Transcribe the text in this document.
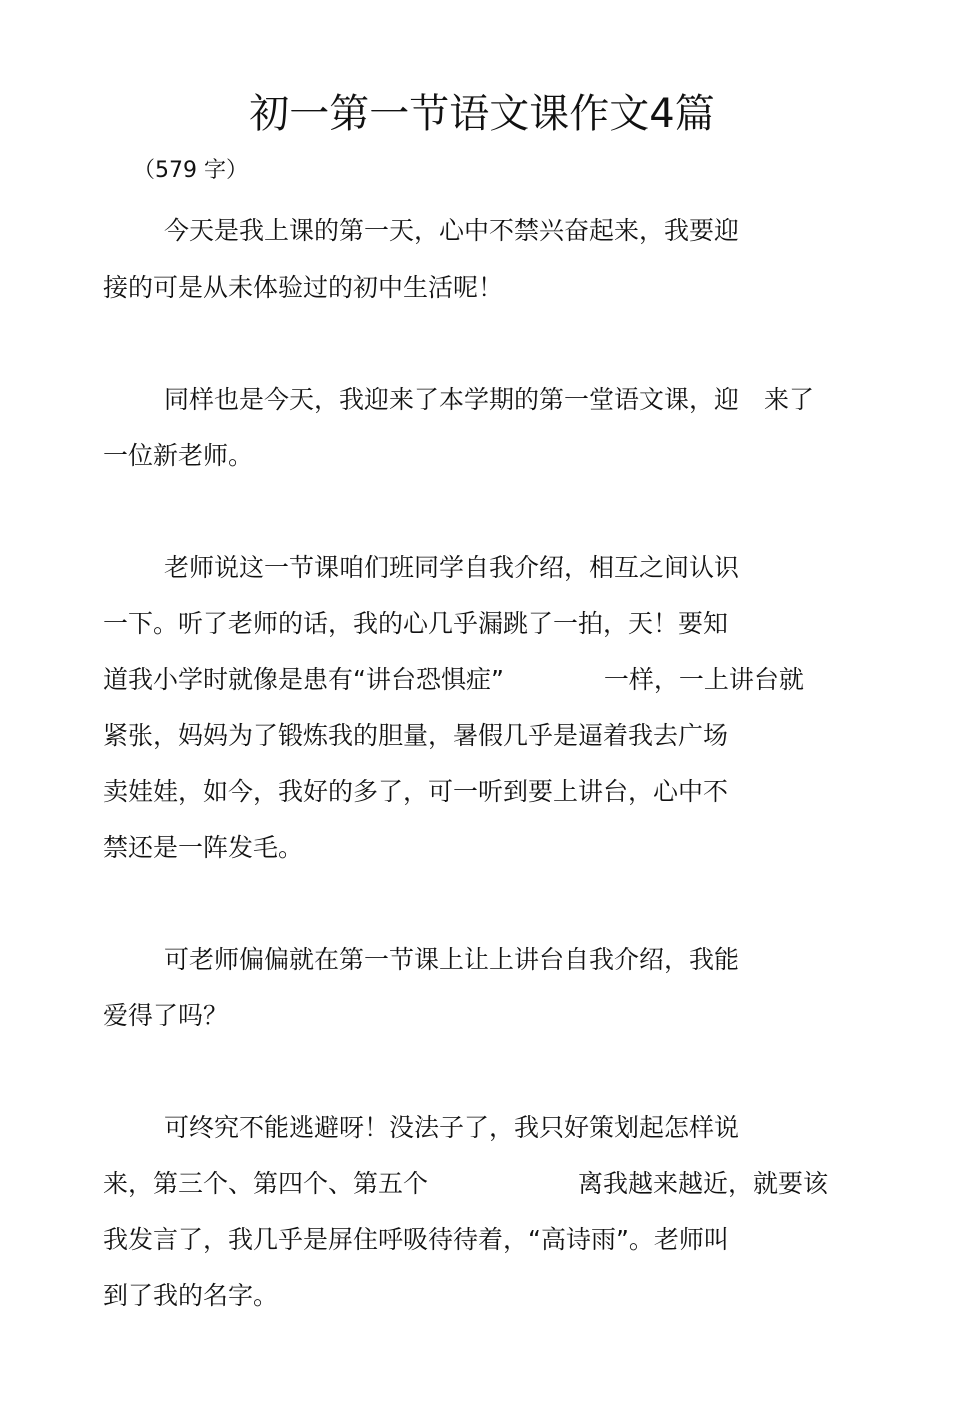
初一第一节语文课作文4篇
（579 字）

今天是我上课的第一天，心中不禁兴奋起来，我要迎

接的可是从未体验过的初中生活呢！

同样也是今天，我迎来了本学期的第一堂语文课，迎　来了

一位新老师。

老师说这一节课咱们班同学自我介绍，相互之间认识

一下。听了老师的话，我的心几乎漏跳了一拍，天！要知

道我小学时就像是患有“讲台恐惧症”　　　　一样，一上讲台就

紧张，妈妈为了锻炼我的胆量，暑假几乎是逼着我去广场

卖娃娃，如今，我好的多了，可一听到要上讲台，心中不

禁还是一阵发毛。

可老师偏偏就在第一节课上让上讲台自我介绍，我能

爱得了吗？

可终究不能逃避呀！没法子了，我只好策划起怎样说

来，第三个、第四个、第五个　　　　　　离我越来越近，就要该

我发言了，我几乎是屏住呼吸待待着，“高诗雨”。老师叫

到了我的名字。
